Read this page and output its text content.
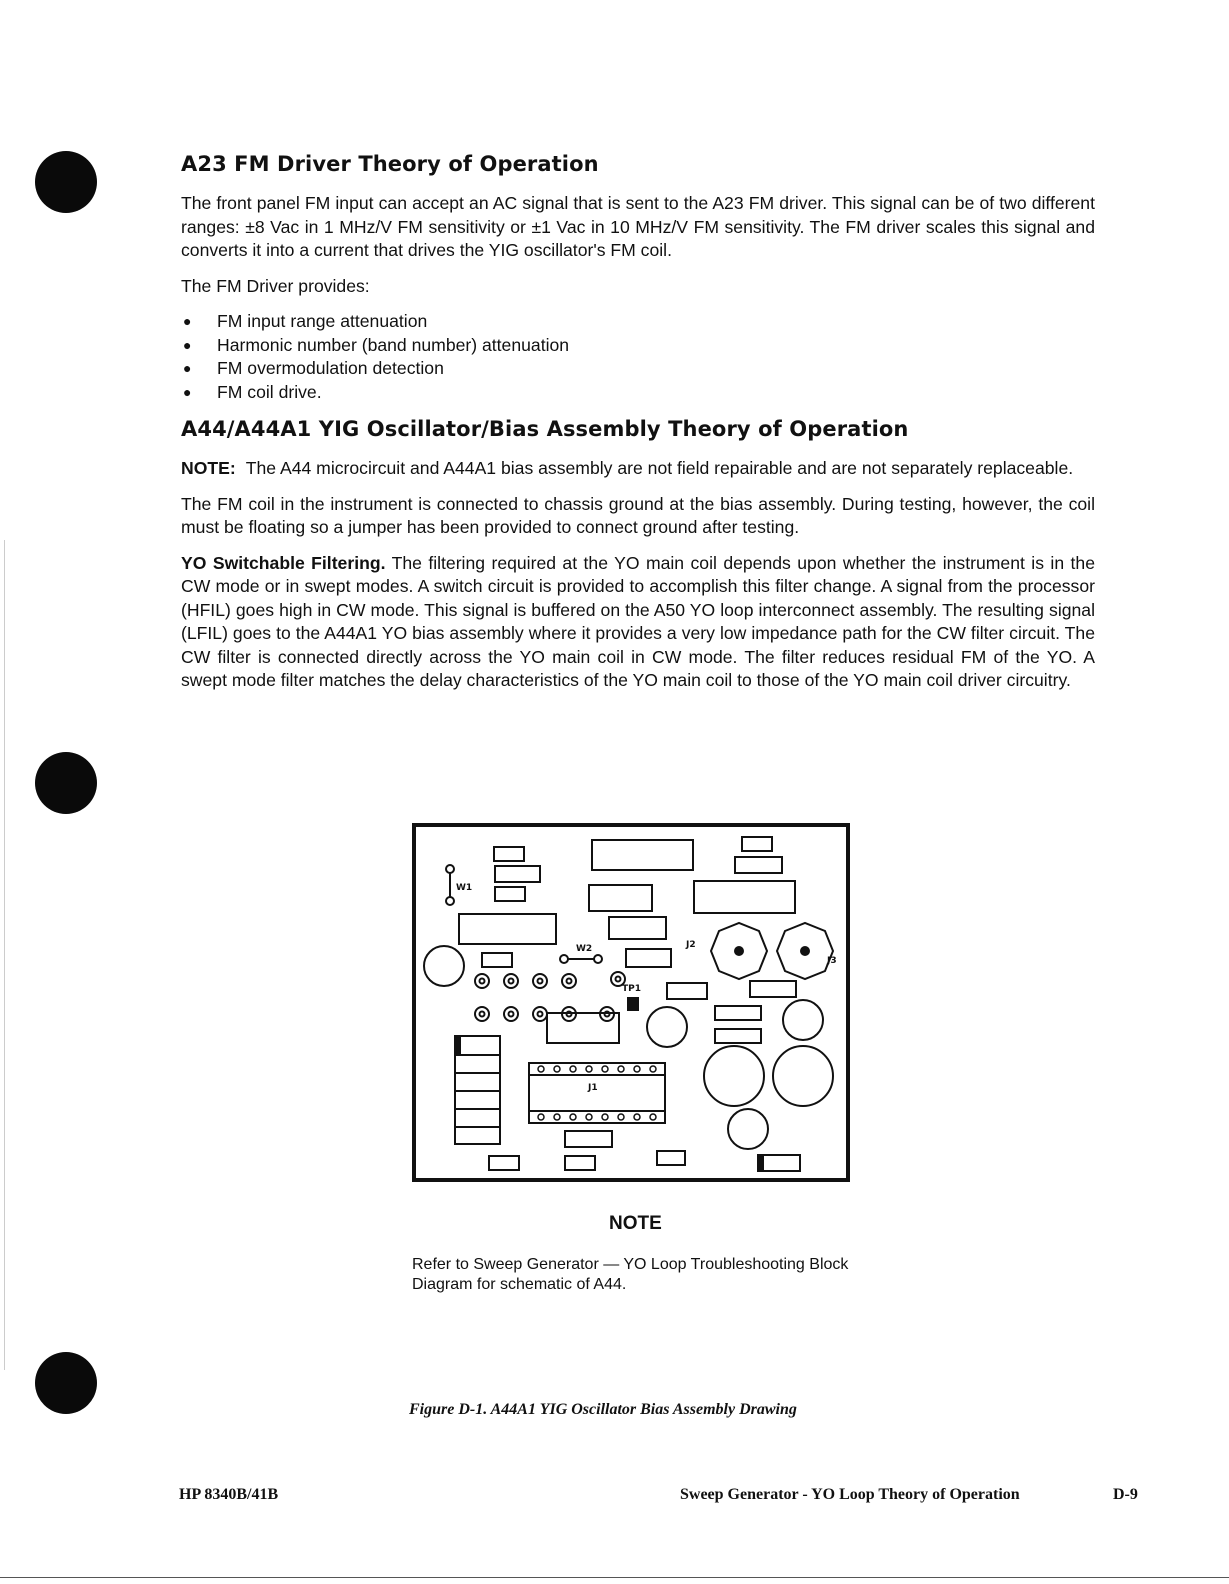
A23 FM Driver Theory of Operation

The front panel FM input can accept an AC signal that is sent to the A23 FM driver. This signal can be of two different ranges: ±8 Vac in 1 MHz/V FM sensitivity or ±1 Vac in 10 MHz/V FM sensitivity. The FM driver scales this signal and converts it into a current that drives the YIG oscillator's FM coil.

The FM Driver provides:

● FM input range attenuation
● Harmonic number (band number) attenuation
● FM overmodulation detection
● FM coil drive.
A44/A44A1 YIG Oscillator/Bias Assembly Theory of Operation

NOTE: The A44 microcircuit and A44A1 bias assembly are not field repairable and are not separately replaceable.

The FM coil in the instrument is connected to chassis ground at the bias assembly. During testing, however, the coil must be floating so a jumper has been provided to connect ground after testing.

YO Switchable Filtering. The filtering required at the YO main coil depends upon whether the instrument is in the CW mode or in swept modes. A switch circuit is provided to accomplish this filter change. A signal from the processor (HFIL) goes high in CW mode. This signal is buffered on the A50 YO loop interconnect assembly. The resulting signal (LFIL) goes to the A44A1 YO bias assembly where it provides a very low impedance path for the CW filter circuit. The CW filter is connected directly across the YO main coil in CW mode. The filter reduces residual FM of the YO. A swept mode filter matches the delay characteristics of the YO main coil to those of the YO main coil driver circuitry.

W1
W2
J1
J2
J3
TP1
NOTE
Refer to Sweep Generator — YO Loop Troubleshooting Block Diagram for schematic of A44.
Figure D-1. A44A1 YIG Oscillator Bias Assembly Drawing
HP 8340B/41B	Sweep Generator - YO Loop Theory of Operation	D-9
